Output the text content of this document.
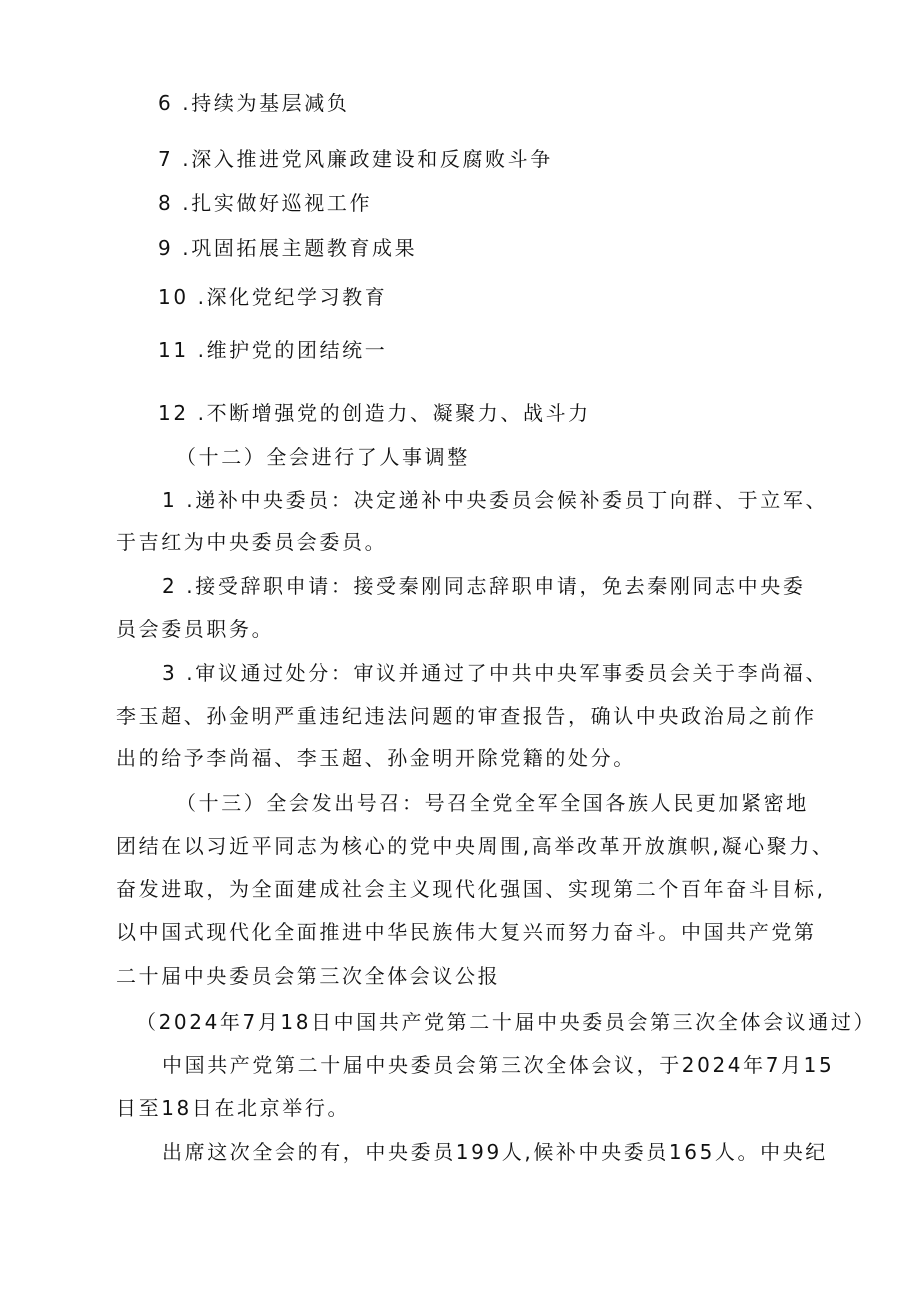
6 .持续为基层减负
7 .深入推进党风廉政建设和反腐败斗争
8 .扎实做好巡视工作
9 .巩固拓展主题教育成果
10 .深化党纪学习教育
11 .维护党的团结统一
12 .不断增强党的创造力、凝聚力、战斗力
（十二）全会进行了人事调整
1 .递补中央委员：决定递补中央委员会候补委员丁向群、于立军、
于吉红为中央委员会委员。
2 .接受辞职申请：接受秦刚同志辞职申请，免去秦刚同志中央委
员会委员职务。
3 .审议通过处分：审议并通过了中共中央军事委员会关于李尚福、
李玉超、孙金明严重违纪违法问题的审查报告，确认中央政治局之前作
出的给予李尚福、李玉超、孙金明开除党籍的处分。
（十三）全会发出号召：号召全党全军全国各族人民更加紧密地
团结在以习近平同志为核心的党中央周围,高举改革开放旗帜,凝心聚力、
奋发进取，为全面建成社会主义现代化强国、实现第二个百年奋斗目标,
以中国式现代化全面推进中华民族伟大复兴而努力奋斗。中国共产党第
二十届中央委员会第三次全体会议公报
（2024年7月18日中国共产党第二十届中央委员会第三次全体会议通过）
中国共产党第二十届中央委员会第三次全体会议，于2024年7月15
日至18日在北京举行。
出席这次全会的有，中央委员199人,候补中央委员165人。中央纪
